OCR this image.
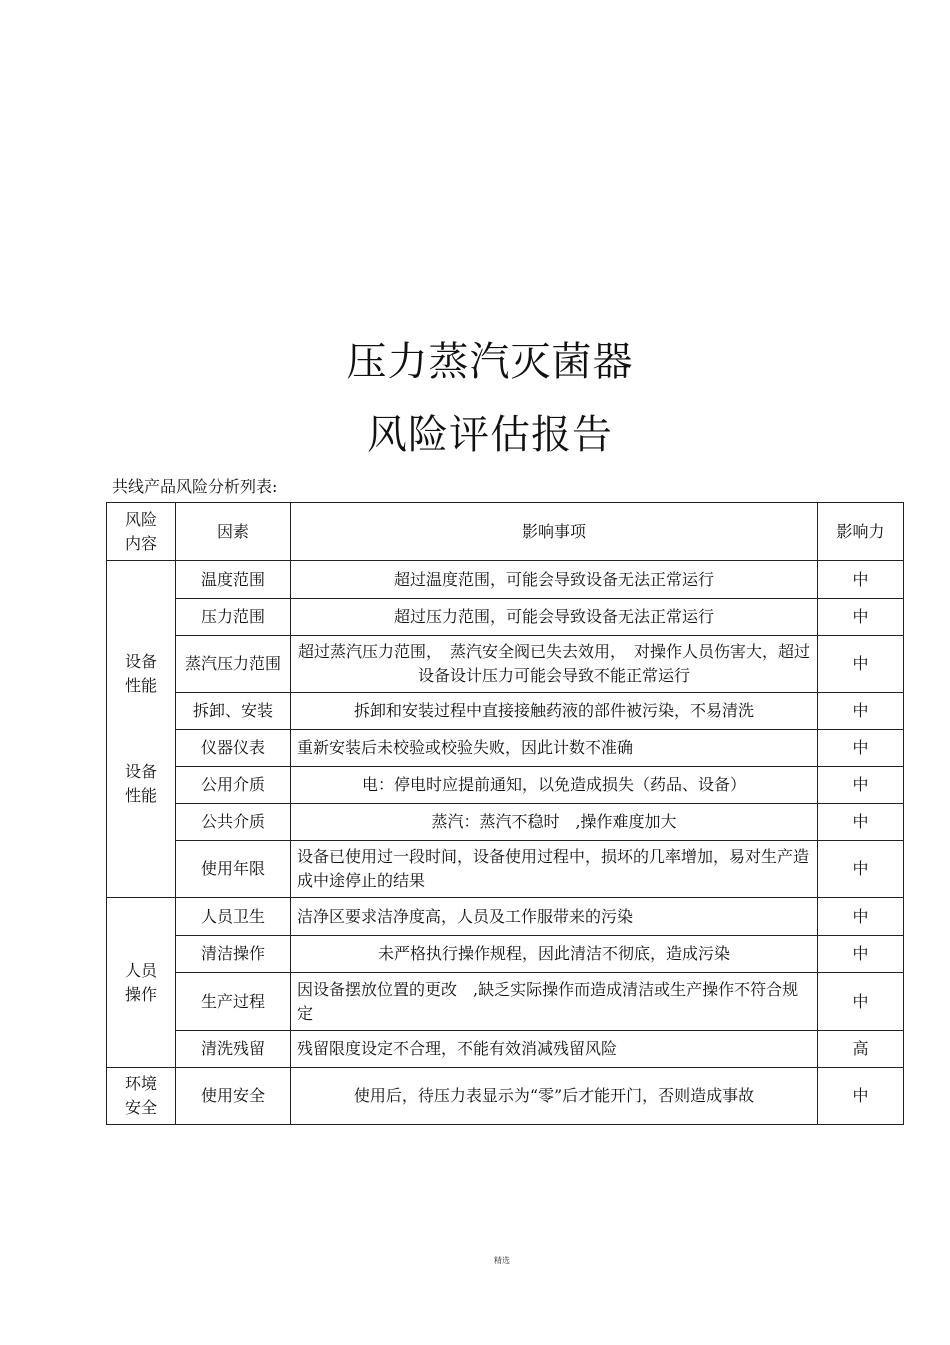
压力蒸汽灭菌器
风险评估报告
共线产品风险分析列表:
风险
内容	因素	影响事项	影响力

设备
性能
设备
性能	温度范围	超过温度范围，可能会导致设备无法正常运行	中
	压力范围	超过压力范围，可能会导致设备无法正常运行	中
	蒸汽压力范围	超过蒸汽压力范围，　蒸汽安全阀已失去效用，　对操作人员伤害大，超过设备设计压力可能会导致不能正常运行	中
	拆卸、安装	拆卸和安装过程中直接接触药液的部件被污染，不易清洗	中
	仪器仪表	重新安装后未校验或校验失败，因此计数不准确	中
	公用介质	电：停电时应提前通知，以免造成损失（药品、设备）	中
	公共介质	蒸汽：蒸汽不稳时　,操作难度加大	中
	使用年限	设备已使用过一段时间，设备使用过程中，损坏的几率增加，易对生产造成中途停止的结果	中

人员
操作	人员卫生	洁净区要求洁净度高，人员及工作服带来的污染	中
	清洁操作	未严格执行操作规程，因此清洁不彻底，造成污染	中
	生产过程	因设备摆放位置的更改　,缺乏实际操作而造成清洁或生产操作不符合规定	中
	清洗残留	残留限度设定不合理，不能有效消减残留风险	高

环境
安全	使用安全	使用后，待压力表显示为“零”后才能开门，否则造成事故	中
精选
